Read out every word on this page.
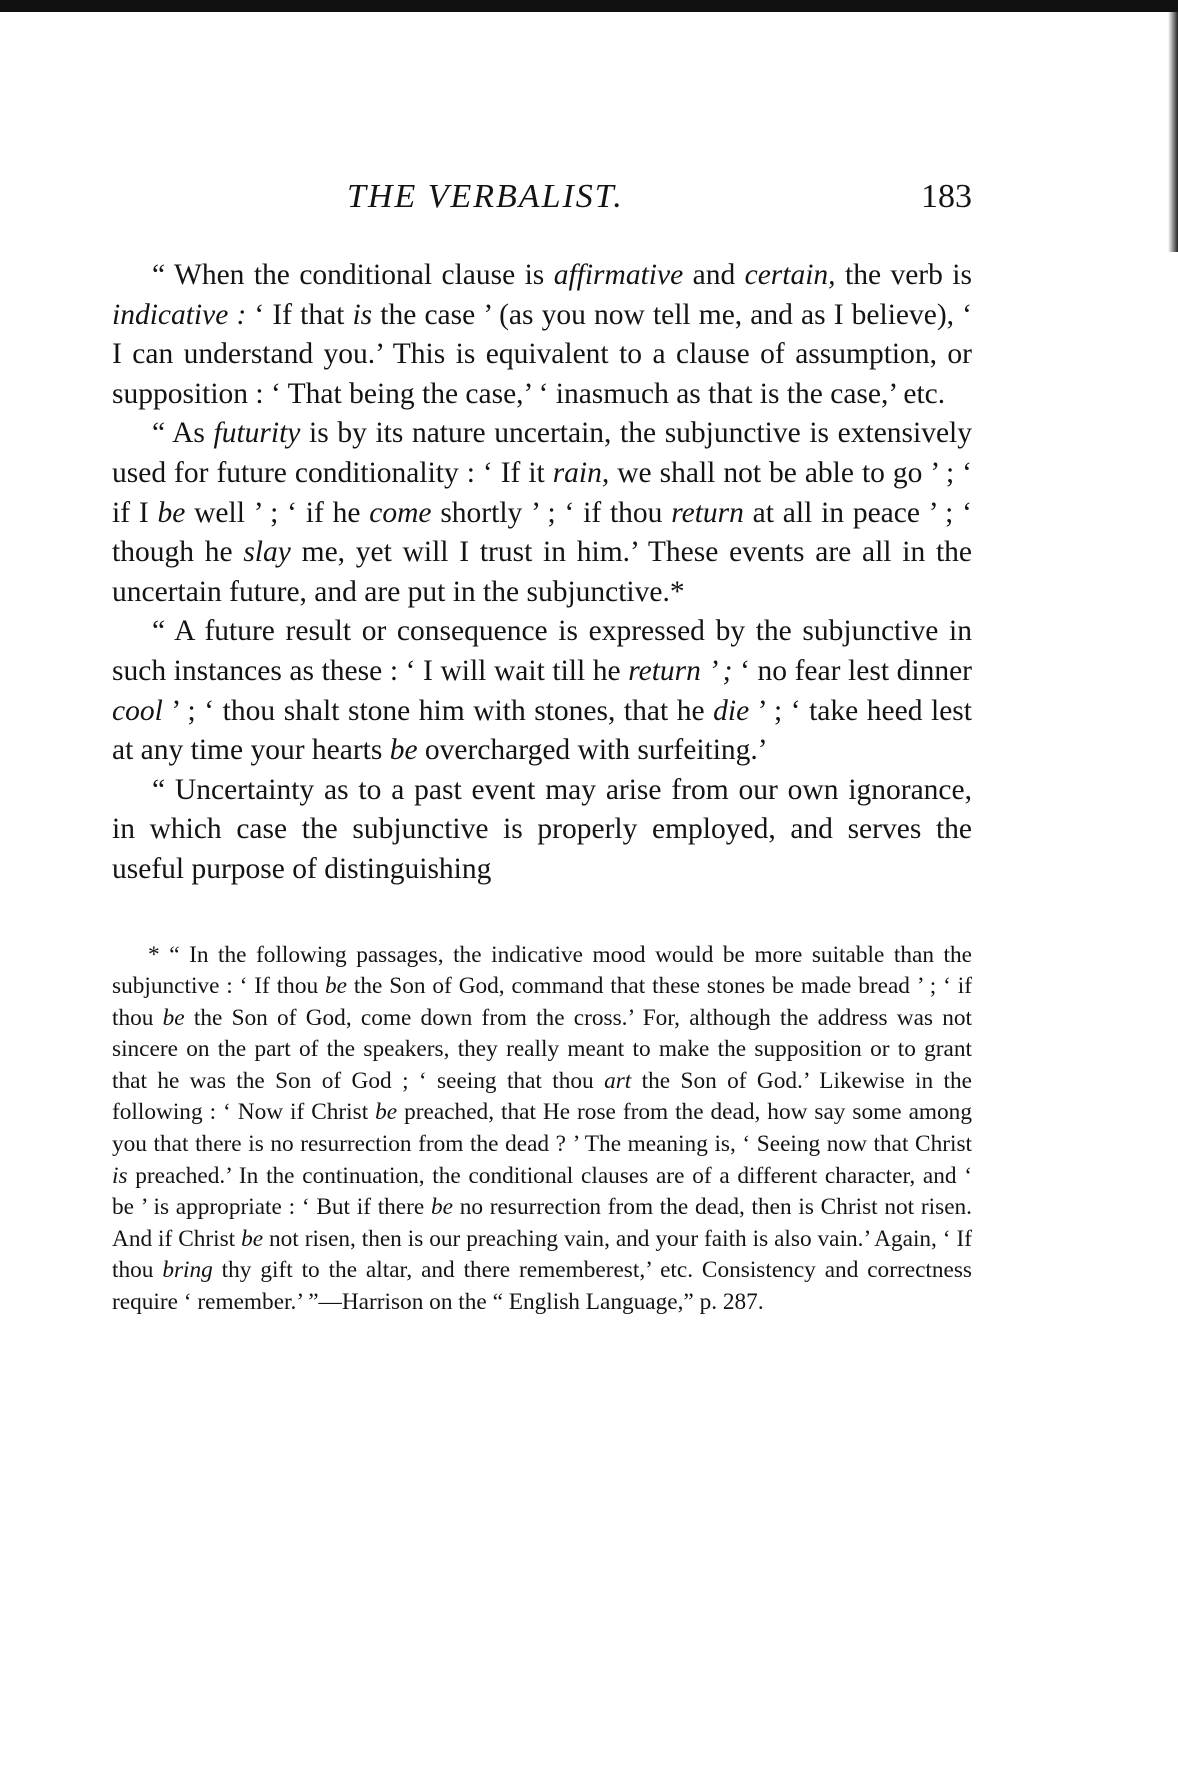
THE VERBALIST.	183

“ When the conditional clause is affirmative and certain, the verb is indicative : ‘ If that is the case ’ (as you now tell me, and as I believe), ‘ I can understand you.’ This is equivalent to a clause of assumption, or supposition : ‘ That being the case,’ ‘ inasmuch as that is the case,’ etc.

“ As futurity is by its nature uncertain, the subjunctive is extensively used for future conditionality : ‘ If it rain, we shall not be able to go ’ ; ‘ if I be well ’ ; ‘ if he come shortly ’ ; ‘ if thou return at all in peace ’ ; ‘ though he slay me, yet will I trust in him.’ These events are all in the uncertain future, and are put in the subjunctive.*

“ A future result or consequence is expressed by the subjunctive in such instances as these : ‘ I will wait till he return ’ ; ‘ no fear lest dinner cool ’ ; ‘ thou shalt stone him with stones, that he die ’ ; ‘ take heed lest at any time your hearts be overcharged with surfeiting.’

“ Uncertainty as to a past event may arise from our own ignorance, in which case the subjunctive is properly employed, and serves the useful purpose of distinguishing

* “ In the following passages, the indicative mood would be more suitable than the subjunctive : ‘ If thou be the Son of God, command that these stones be made bread ’ ; ‘ if thou be the Son of God, come down from the cross.’ For, although the address was not sincere on the part of the speakers, they really meant to make the supposition or to grant that he was the Son of God ; ‘ seeing that thou art the Son of God.’ Likewise in the following : ‘ Now if Christ be preached, that He rose from the dead, how say some among you that there is no resurrection from the dead ? ’ The meaning is, ‘ Seeing now that Christ is preached.’ In the continuation, the conditional clauses are of a different character, and ‘ be ’ is appropriate : ‘ But if there be no resurrection from the dead, then is Christ not risen. And if Christ be not risen, then is our preaching vain, and your faith is also vain.’ Again, ‘ If thou bring thy gift to the altar, and there rememberest,’ etc. Consistency and correctness require ‘ remember.’ ”—Harrison on the “ English Language,” p. 287.
